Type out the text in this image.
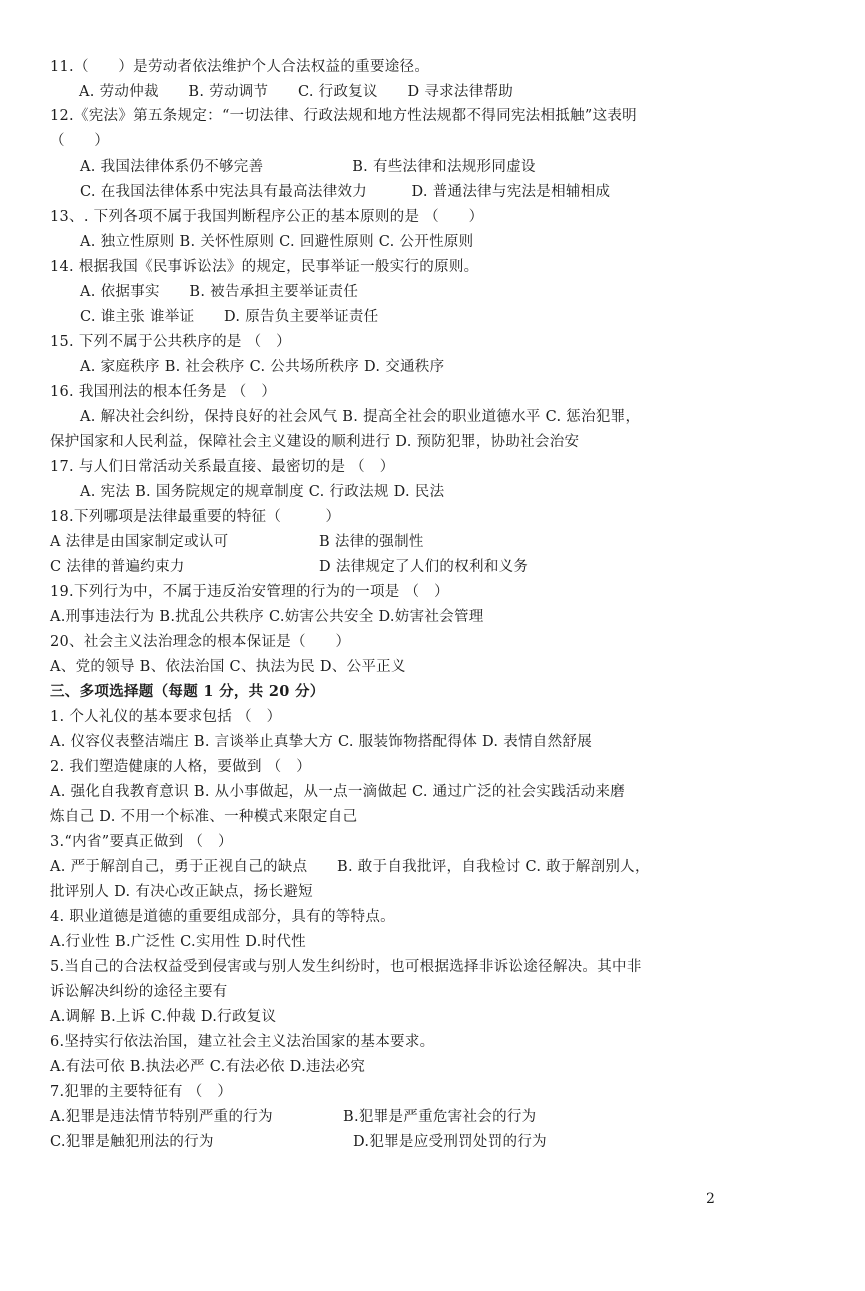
11.（　　）是劳动者依法维护个人合法权益的重要途径。
A. 劳动仲裁　　B. 劳动调节　　C. 行政复议　　D 寻求法律帮助
12.《宪法》第五条规定：“一切法律、行政法规和地方性法规都不得同宪法相抵触”这表明
（　　）
A. 我国法律体系仍不够完善　　　　　　B. 有些法律和法规形同虚设
C. 在我国法律体系中宪法具有最高法律效力　　　D. 普通法律与宪法是相辅相成
13、. 下列各项不属于我国判断程序公正的基本原则的是 （　　）
A. 独立性原则 B. 关怀性原则 C. 回避性原则 C. 公开性原则
14. 根据我国《民事诉讼法》的规定，民事举证一般实行的原则。
A. 依据事实　　B. 被告承担主要举证责任
C. 谁主张 谁举证　　D. 原告负主要举证责任
15. 下列不属于公共秩序的是 （　）
A. 家庭秩序 B. 社会秩序 C. 公共场所秩序 D. 交通秩序
16. 我国刑法的根本任务是 （　）
A. 解决社会纠纷，保持良好的社会风气 B. 提高全社会的职业道德水平 C. 惩治犯罪，
保护国家和人民利益，保障社会主义建设的顺利进行 D. 预防犯罪，协助社会治安
17. 与人们日常活动关系最直接、最密切的是 （　）
A. 宪法 B. 国务院规定的规章制度 C. 行政法规 D. 民法
18.下列哪项是法律最重要的特征（　　　）
A 法律是由国家制定或认可	B 法律的强制性
C 法律的普遍约束力	D 法律规定了人们的权利和义务
19.下列行为中，不属于违反治安管理的行为的一项是 （　）
A.刑事违法行为 B.扰乱公共秩序 C.妨害公共安全 D.妨害社会管理
20、社会主义法治理念的根本保证是（　　）
A、党的领导 B、依法治国 C、执法为民 D、公平正义
三、多项选择题（每题 1 分，共 20 分）
1. 个人礼仪的基本要求包括 （　）
A. 仪容仪表整洁端庄 B. 言谈举止真挚大方 C. 服装饰物搭配得体 D. 表情自然舒展
2. 我们塑造健康的人格，要做到 （　）
A. 强化自我教育意识 B. 从小事做起，从一点一滴做起 C. 通过广泛的社会实践活动来磨
炼自己 D. 不用一个标准、一种模式来限定自己
3.“内省”要真正做到 （　）
A. 严于解剖自己，勇于正视自己的缺点　　B. 敢于自我批评，自我检讨 C. 敢于解剖别人，
批评别人 D. 有决心改正缺点，扬长避短
4. 职业道德是道德的重要组成部分，具有的等特点。
A.行业性 B.广泛性 C.实用性 D.时代性
5.当自己的合法权益受到侵害或与别人发生纠纷时，也可根据选择非诉讼途径解决。其中非
诉讼解决纠纷的途径主要有
A.调解 B.上诉 C.仲裁 D.行政复议
6.坚持实行依法治国，建立社会主义法治国家的基本要求。
A.有法可依 B.执法必严 C.有法必依 D.违法必究
7.犯罪的主要特征有 （　）
A.犯罪是违法情节特别严重的行为	B.犯罪是严重危害社会的行为
C.犯罪是触犯刑法的行为	D.犯罪是应受刑罚处罚的行为
2
